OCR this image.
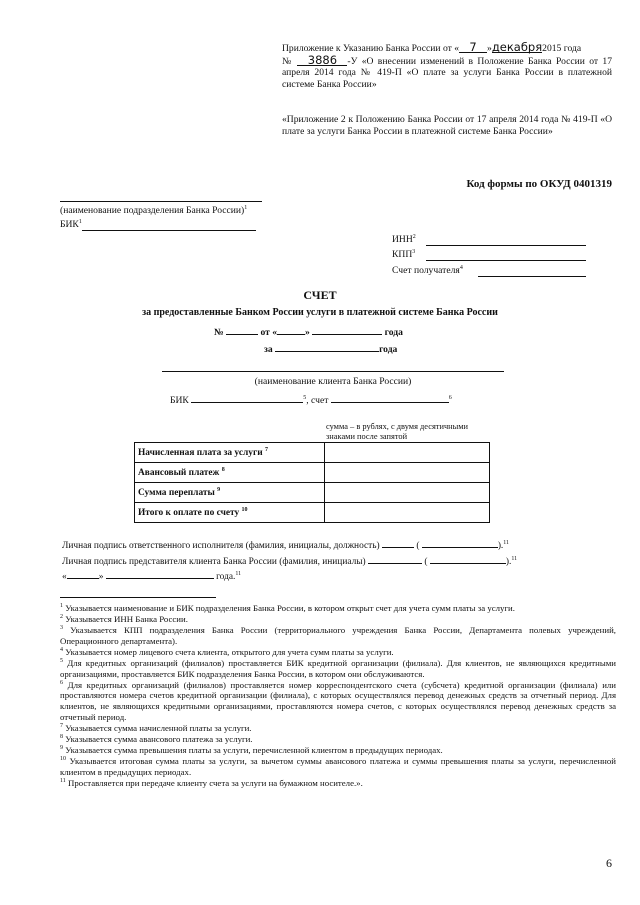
Приложение к Указанию Банка России от « 7 »декабря2015 года
№ 3886 -У «О внесении изменений в Положение Банка России от 17 апреля 2014 года № 419-П «О плате за услуги Банка России в платежной системе Банка России»
«Приложение 2 к Положению Банка России от 17 апреля 2014 года № 419-П «О плате за услуги Банка России в платежной системе Банка России»
Код формы по ОКУД 0401319
(наименование подразделения Банка России)$^1$
БИК$^1$
ИНН$^2$
КПП$^3$
Счет получателя$^4$
СЧЕТ
за предоставленные Банком России услуги в платежной системе Банка России
№	от «	»	года
за	года
(наименование клиента Банка России)
БИК	$^5$, счет	$^6$
сумма – в рублях, с двумя десятичными знаками после запятой
Начисленная плата за услуги $^7$	
Авансовый платеж $^8$	
Сумма переплаты $^9$	
Итого к оплате по счету $^{10}$	
Личная подпись ответственного исполнителя (фамилия, инициалы, должность)	(	).$^{11}$
Личная подпись представителя клиента Банка России (фамилия, инициалы)	(	).$^{11}$
«	»	года.$^{11}$

$^1$ Указывается наименование и БИК подразделения Банка России, в котором открыт счет для учета сумм платы за услуги.

$^2$ Указывается ИНН Банка России.

$^3$ Указывается КПП подразделения Банка России (территориального учреждения Банка России, Департамента полевых учреждений, Операционного департамента).

$^4$ Указывается номер лицевого счета клиента, открытого для учета сумм платы за услуги.

$^5$ Для кредитных организаций (филиалов) проставляется БИК кредитной организации (филиала). Для клиентов, не являющихся кредитными организациями, проставляется БИК подразделения Банка России, в котором они обслуживаются.

$^6$ Для кредитных организаций (филиалов) проставляется номер корреспондентского счета (субсчета) кредитной организации (филиала) или проставляются номера счетов кредитной организации (филиала), с которых осуществлялся перевод денежных средств за отчетный период. Для клиентов, не являющихся кредитными организациями, проставляются номера счетов, с которых осуществлялся перевод денежных средств за отчетный период.

$^7$ Указывается сумма начисленной платы за услуги.

$^8$ Указывается сумма авансового платежа за услуги.

$^9$ Указывается сумма превышения платы за услуги, перечисленной клиентом в предыдущих периодах.

$^{10}$ Указывается итоговая сумма платы за услуги, за вычетом суммы авансового платежа и суммы превышения платы за услуги, перечисленной клиентом в предыдущих периодах.

$^{11}$ Проставляется при передаче клиенту счета за услуги на бумажном носителе.».

6
